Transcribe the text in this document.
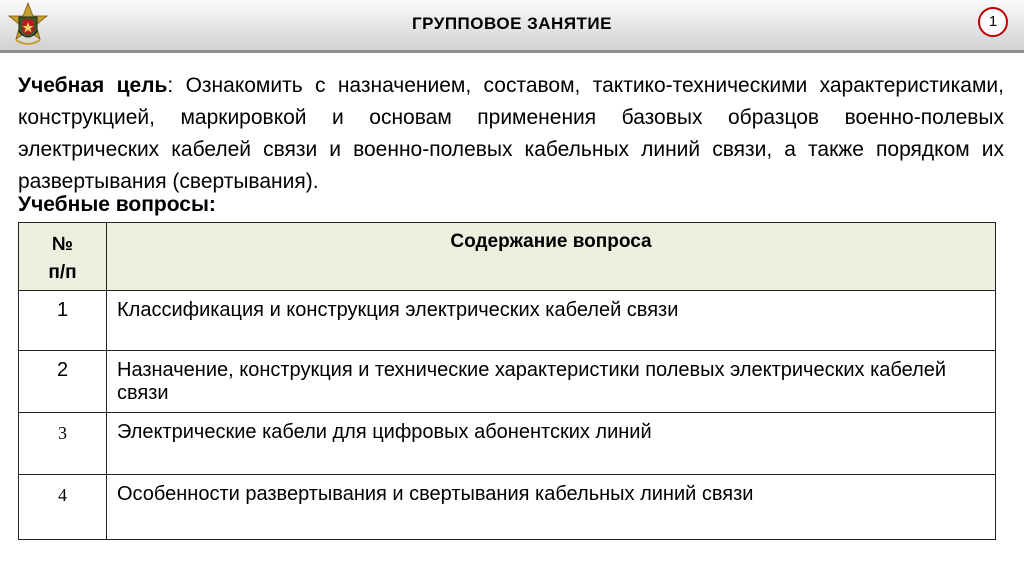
ГРУППОВОЕ ЗАНЯТИЕ	1
Учебная цель: Ознакомить с назначением, составом, тактико-техническими характеристиками, конструкцией, маркировкой и основам применения базовых образцов военно-полевых электрических кабелей связи и военно-полевых кабельных линий связи, а также порядком их развертывания (свертывания).
Учебные вопросы:
№
п/п	Содержание вопроса
1	Классификация и конструкция электрических кабелей связи
2	Назначение, конструкция и технические характеристики полевых электрических кабелей связи
3	Электрические кабели для цифровых абонентских линий
4	Особенности развертывания и свертывания кабельных линий связи
